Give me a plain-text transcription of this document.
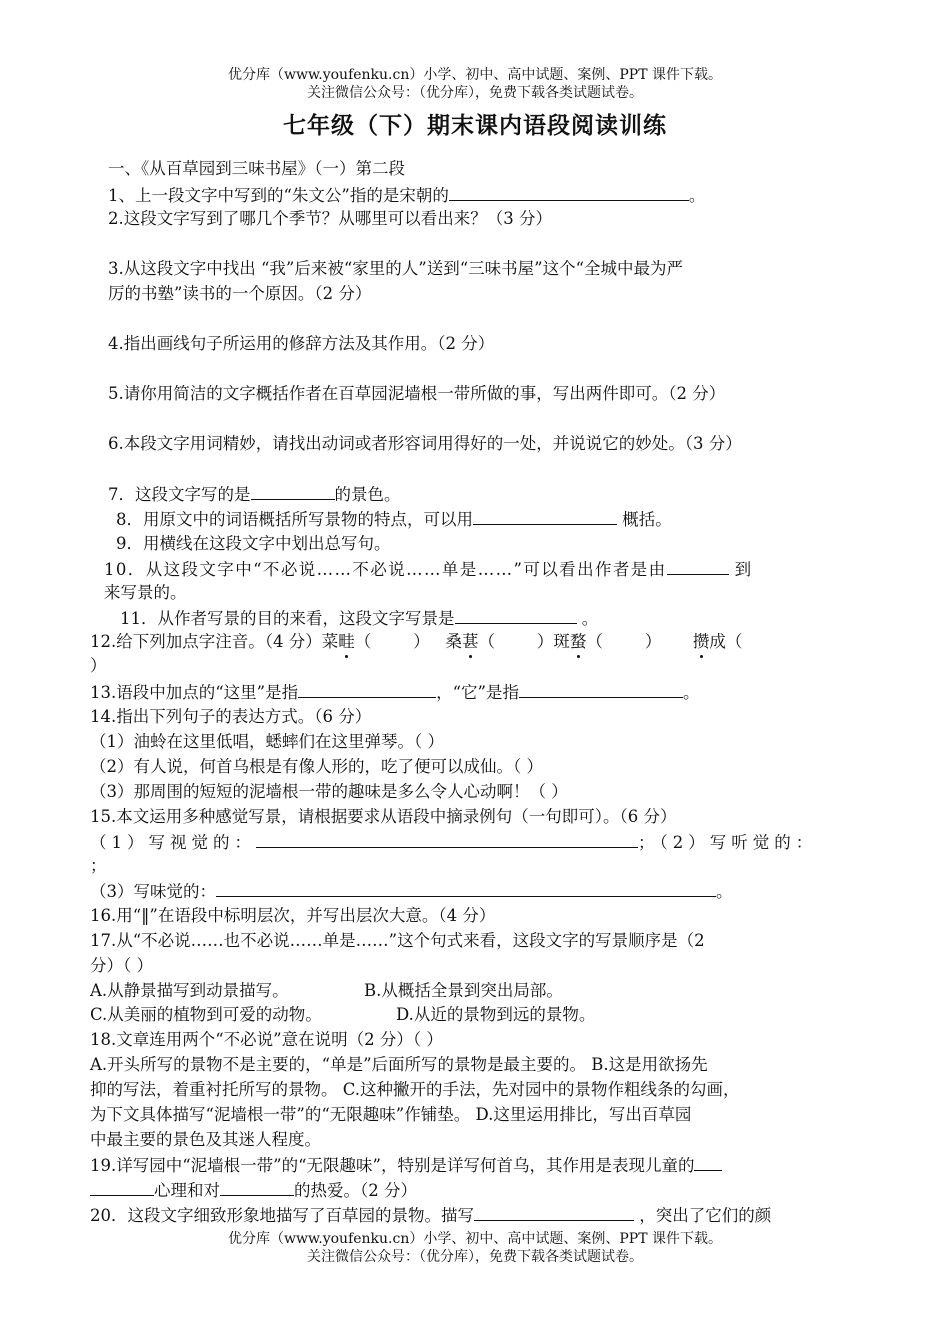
优分库（www.youfenku.cn）小学、初中、高中试题、案例、PPT 课件下载。
关注微信公众号：（优分库），免费下载各类试题试卷。
七年级（下）期末课内语段阅读训练
一、《从百草园到三味书屋》（一）第二段
1、上一段文字中写到的“朱文公”指的是宋朝的	。
2.这段文字写到了哪几个季节？从哪里可以看出来？（3 分）
3.从这段文字中找出 “我”后来被“家里的人”送到“三味书屋”这个“全城中最为严
厉的书塾”读书的一个原因。（2 分）
4.指出画线句子所运用的修辞方法及其作用。（2 分）
5.请你用简洁的文字概括作者在百草园泥墙根一带所做的事，写出两件即可。（2 分）
6.本段文字用词精妙，请找出动词或者形容词用得好的一处，并说说它的妙处。（3 分）
7．这段文字写的是	的景色。
8．用原文中的词语概括所写景物的特点，可以用	概括。
9．用横线在这段文字中划出总写句。
10．从这段文字中“不必说……不必说……单是……”可以看出作者是由	到
来写景的。
11．从作者写景的目的来看，这段文字写景是	。
12.给下列加点字注音。（4 分）菜畦（        ）   桑葚（        ）斑蝥（        ）      攒成（
）
13.语段中加点的“这里”是指	，“它”是指	。
14.指出下列句子的表达方式。（6 分）
（1）油蛉在这里低唱，蟋蟀们在这里弹琴。（ ）
（2）有人说，何首乌根是有像人形的，吃了便可以成仙。（ ）
（3）那周围的短短的泥墙根一带的趣味是多么令人心动啊！（ ）
15.本文运用多种感觉写景，请根据要求从语段中摘录例句（一句即可）。（6 分）
（1）写视觉的：	；（2）写听觉的：
；
（3）写味觉的：	。
16.用“‖”在语段中标明层次，并写出层次大意。（4 分）
17.从“不必说……也不必说……单是……”这个句式来看，这段文字的写景顺序是（2
分）（ ）
A.从静景描写到动景描写。	B.从概括全景到突出局部。
C.从美丽的植物到可爱的动物。	D.从近的景物到远的景物。
18.文章连用两个“不必说”意在说明（2 分）（ ）
A.开头所写的景物不是主要的，“单是”后面所写的景物是最主要的。 B.这是用欲扬先
抑的写法，着重衬托所写的景物。 C.这种撇开的手法，先对园中的景物作粗线条的勾画，
为下文具体描写“泥墙根一带”的“无限趣味”作铺垫。 D.这里运用排比，写出百草园
中最主要的景色及其迷人程度。
19.详写园中“泥墙根一带”的“无限趣味”，特别是详写何首乌，其作用是表现儿童的
心理和对	的热爱。（2 分）
20．这段文字细致形象地描写了百草园的景物。描写	，突出了它们的颜
优分库（www.youfenku.cn）小学、初中、高中试题、案例、PPT 课件下载。
关注微信公众号：（优分库），免费下载各类试题试卷。
